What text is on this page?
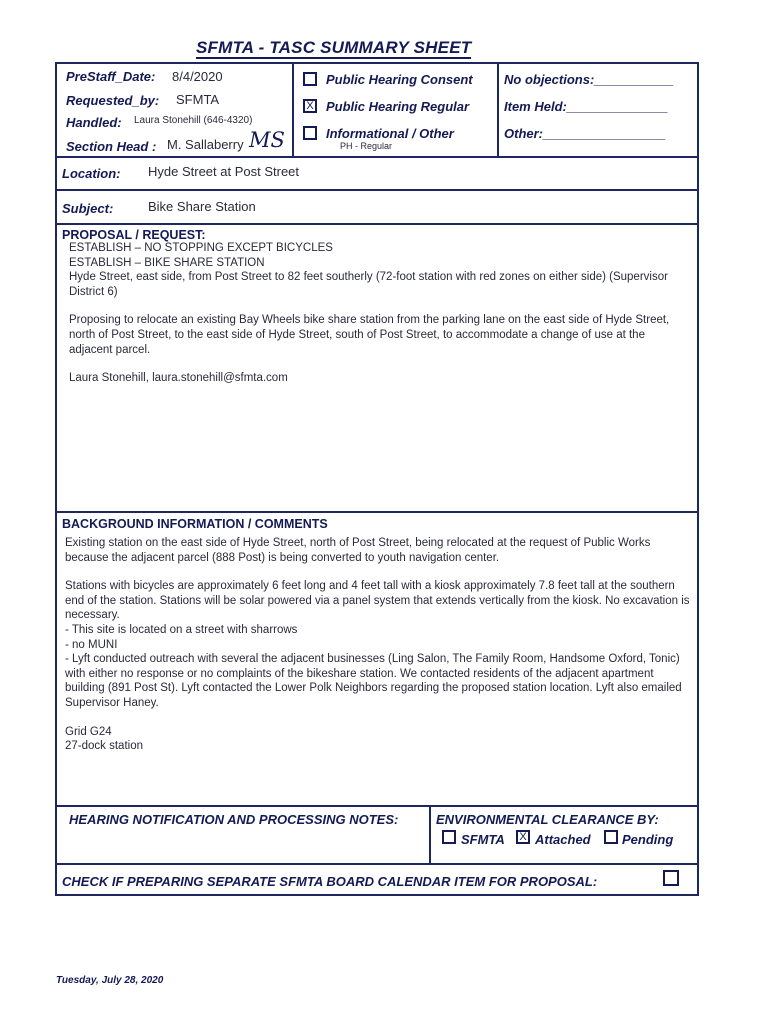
SFMTA - TASC SUMMARY SHEET
PreStaff_Date: 8/4/2020
Requested_by: SFMTA
Handled: Laura Stonehill (646-4320)
Section Head : M. Sallaberry MS
Public Hearing Consent
X Public Hearing Regular
Informational / Other
PH - Regular
No objections:___________
Item Held:______________
Other:_________________
Location: Hyde Street at Post Street
Subject:	Bike Share Station
PROPOSAL / REQUEST:

ESTABLISH – NO STOPPING EXCEPT BICYCLES

ESTABLISH – BIKE SHARE STATION

Hyde Street, east side, from Post Street to 82 feet southerly (72-foot station with red zones on either side) (Supervisor District 6)

Proposing to relocate an existing Bay Wheels bike share station from the parking lane on the east side of Hyde Street, north of Post Street, to the east side of Hyde Street, south of Post Street, to accommodate a change of use at the adjacent parcel.

Laura Stonehill, laura.stonehill@sfmta.com

BACKGROUND INFORMATION / COMMENTS

Existing station on the east side of Hyde Street, north of Post Street, being relocated at the request of Public Works because the adjacent parcel (888 Post) is being converted to youth navigation center.

Stations with bicycles are approximately 6 feet long and 4 feet tall with a kiosk approximately 7.8 feet tall at the southern end of the station. Stations will be solar powered via a panel system that extends vertically from the kiosk. No excavation is necessary.

- This site is located on a street with sharrows

- no MUNI

- Lyft conducted outreach with several the adjacent businesses (Ling Salon, The Family Room, Handsome Oxford, Tonic) with either no response or no complaints of the bikeshare station. We contacted residents of the adjacent apartment building (891 Post St). Lyft contacted the Lower Polk Neighbors regarding the proposed station location. Lyft also emailed Supervisor Haney.

Grid G24

27-dock station

HEARING NOTIFICATION AND PROCESSING NOTES:	ENVIRONMENTAL CLEARANCE BY:
SFMTA	X Attached Pending
CHECK IF PREPARING SEPARATE SFMTA BOARD CALENDAR ITEM FOR PROPOSAL:
Tuesday, July 28, 2020
